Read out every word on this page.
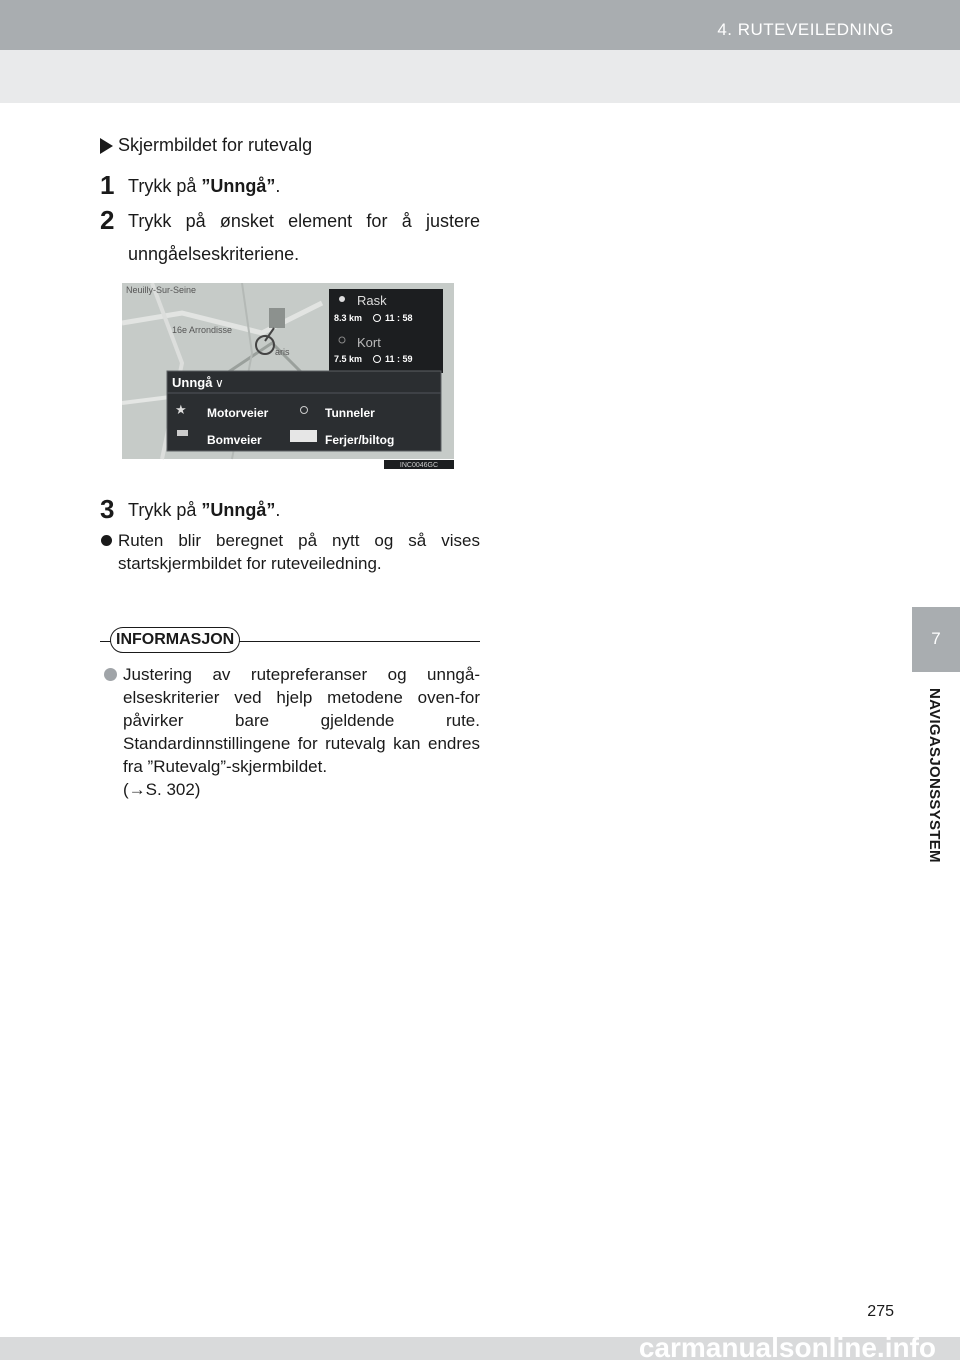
4. RUTEVEILEDNING
7
NAVIGASJONSSYSTEM
Skjermbildet for rutevalg
1 Trykk på ”Unngå”.
2 Trykk på ønsket element for å justere unngåelseskriteriene.
Neuilly-Sur-Seine
16e Arrondisse
aris
Rask
8.3 km	11 : 58
Kort
7.5 km	11 : 59
Unngå ∨
★ Motorveier	Tunneler
Bomveier	Ferjer/biltog
INC0046GC
3 Trykk på ”Unngå”.
Ruten blir beregnet på nytt og så vises startskjermbildet for ruteveiledning.
INFORMASJON
Justering av rutepreferanser og unngå-elseskriterier ved hjelp metodene oven-for påvirker bare gjeldende rute. Standardinnstillingene for rutevalg kan endres fra ”Rutevalg”-skjermbildet.
(→S. 302)
275
carmanualsonline.info
